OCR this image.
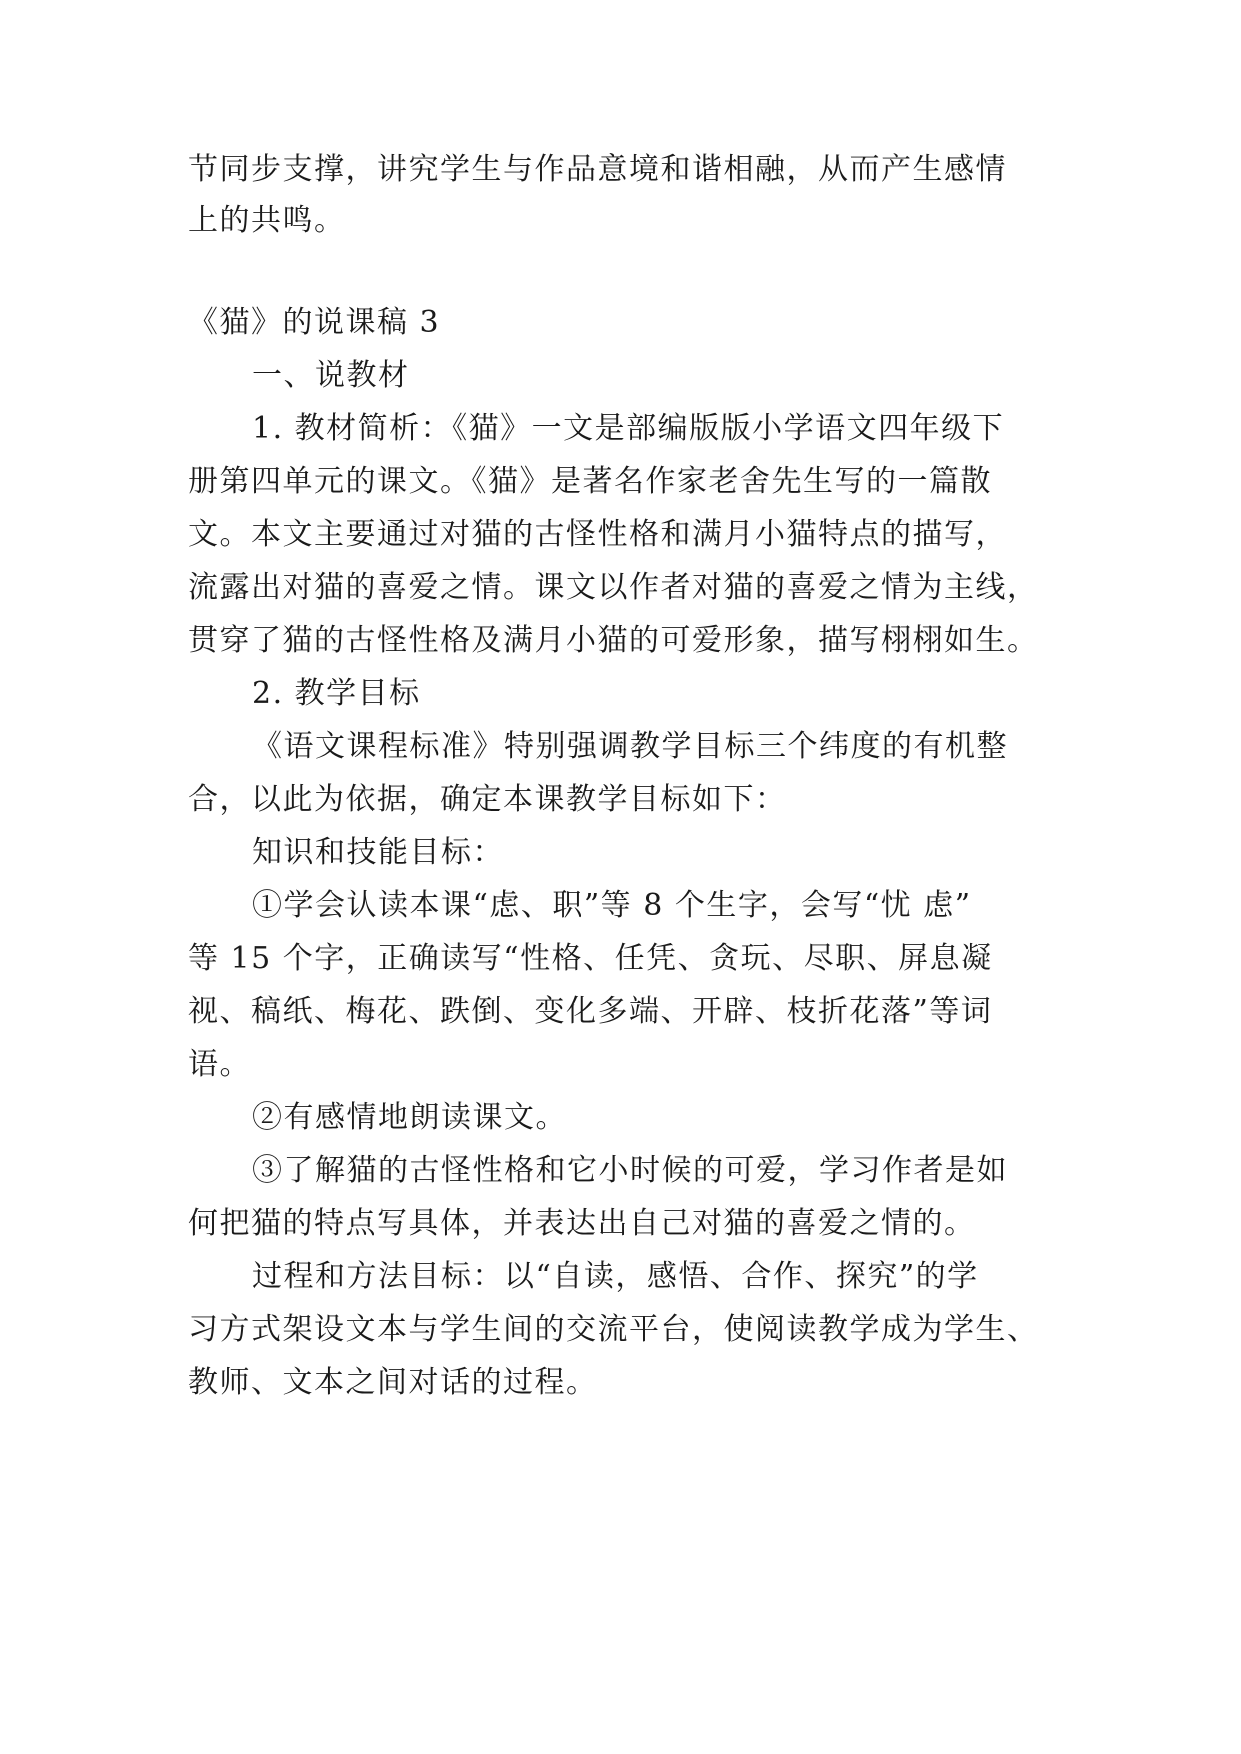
节同步支撑，讲究学生与作品意境和谐相融，从而产生感情
上的共鸣。
《猫》的说课稿 3
一、说教材
1. 教材简析：《猫》一文是部编版版小学语文四年级下
册第四单元的课文。《猫》是著名作家老舍先生写的一篇散
文。本文主要通过对猫的古怪性格和满月小猫特点的描写，
流露出对猫的喜爱之情。课文以作者对猫的喜爱之情为主线，
贯穿了猫的古怪性格及满月小猫的可爱形象，描写栩栩如生。
2. 教学目标
《语文课程标准》特别强调教学目标三个纬度的有机整
合，以此为依据，确定本课教学目标如下：
知识和技能目标：
①学会认读本课“虑、职”等 8 个生字，会写“忧 虑”
等 15 个字，正确读写“性格、任凭、贪玩、尽职、屏息凝
视、稿纸、梅花、跌倒、变化多端、开辟、枝折花落”等词
语。
②有感情地朗读课文。
③了解猫的古怪性格和它小时候的可爱，学习作者是如
何把猫的特点写具体，并表达出自己对猫的喜爱之情的。
过程和方法目标：以“自读，感悟、合作、探究”的学
习方式架设文本与学生间的交流平台，使阅读教学成为学生、
教师、文本之间对话的过程。
